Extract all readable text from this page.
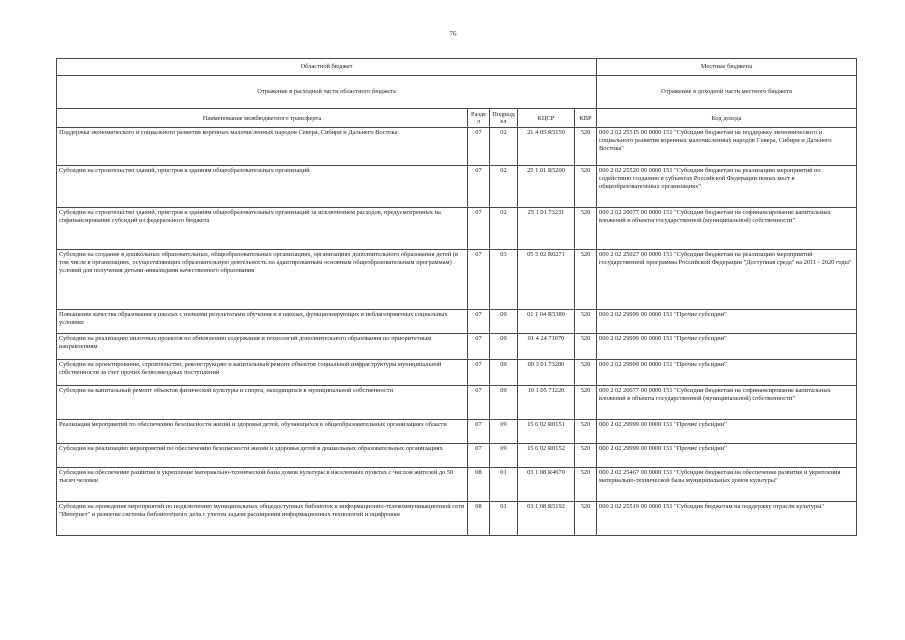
76
Областной бюджет					Местные бюджеты
Отражение в расходной части областного бюджета					Отражение в доходной части местного бюджета
Наименование межбюджетного трансферта	Раздел	Подраздел	КЦСР	КВР	Код дохода
Поддержка экономического и социального развития коренных малочисленных народов Севера, Сибири и Дальнего Востока	07	02	21 4 05 R5150	520	000 2 02 25515 00 0000 151 "Субсидии бюджетам на поддержку экономического и социального развития коренных малочисленных народов Севера, Сибири и Дальнего Востока"
Субсидии на строительство зданий, пристроя к зданиям общеобразовательных организаций	07	02	25 1 01 R5200	520	000 2 02 25520 00 0000 151 "Субсидии бюджетам на реализацию мероприятий по содействию созданию в субъектах Российской Федерации новых мест в общеобразовательных организациях"
Субсидии на строительство зданий, пристроя к зданиям общеобразовательных организаций за исключением расходов, предусмотренных на софинансирование субсидий из федерального бюджета	07	02	25 1 01 73231	520	000 2 02 20077 00 0000 151 "Субсидии бюджетам на софинансирование капитальных вложений в объекты государственной (муниципальной) собственности"
Субсидии на создание в дошкольных образовательных, общеобразовательных организациях, организациях дополнительного образования детей (в том числе в организациях, осуществляющих образовательную деятельность по адаптированным основным общеобразовательным программам) условий для получения детьми-инвалидами качественного образования	07	03	05 5 02 R0271	520	000 2 02 25027 00 0000 151 "Субсидии бюджетам на реализацию мероприятий государственной программы Российской Федерации "Доступная среда" на 2011 - 2020 годы"
Повышение качества образования в школах с низкими результатами обучения и в школах, функционирующих в неблагоприятных социальных условиях	07	09	01 1 04 R5380	520	000 2 02 29999 00 0000 151 "Прочие субсидии"
Субсидии на реализацию пилотных проектов по обновлению содержания и технологий дополнительного образования по приоритетным направлениям	07	09	01 4 24 71070	520	000 2 02 29999 00 0000 151 "Прочие субсидии"
Субсидии на проектирование, строительство, реконструкцию и капитальный ремонт объектов социальной инфраструктуры муниципальной собственности за счет прочих безвозмездных поступлений	07	09	09 3 01 73280	520	000 2 02 29999 00 0000 151 "Прочие субсидии"
Субсидии на капитальный ремонт объектов физической культуры и спорта, находящихся в муниципальной собственности	07	09	10 1 05 71220	520	000 2 02 20077 00 0000 151 "Субсидии бюджетам на софинансирование капитальных вложений в объекты государственной (муниципальной) собственности"
Реализация мероприятий по обеспечению безопасности жизни и здоровья детей, обучающихся в общеобразовательных организациях области	07	09	15 6 02 R0151	520	000 2 02 29999 00 0000 151 "Прочие субсидии"
Субсидии на реализацию мероприятий по обеспечению безопасности жизни и здоровья детей в дошкольных образовательных организациях	07	09	15 6 02 R0152	520	000 2 02 29999 00 0000 151 "Прочие субсидии"
Субсидии на обеспечение развития и укрепление материально-технической базы домов культуры в населенных пунктах с числом жителей до 50 тысяч человек	08	01	03 1 08 R4670	520	000 2 02 25467 00 0000 151 "Субсидии бюджетам на обеспечение развития и укрепления материально-технической базы муниципальных домов культуры"
Субсидии на проведение мероприятий по подключению муниципальных общедоступных библиотек к информационно-телекоммуникационной сети "Интернет" и развитие системы библиотечного дела с учетом задачи расширения информационных технологий и оцифровки	08	01	03 1 08 R5192	520	000 2 02 25519 00 0000 151 "Субсидия бюджетам на поддержку отрасли культуры"
